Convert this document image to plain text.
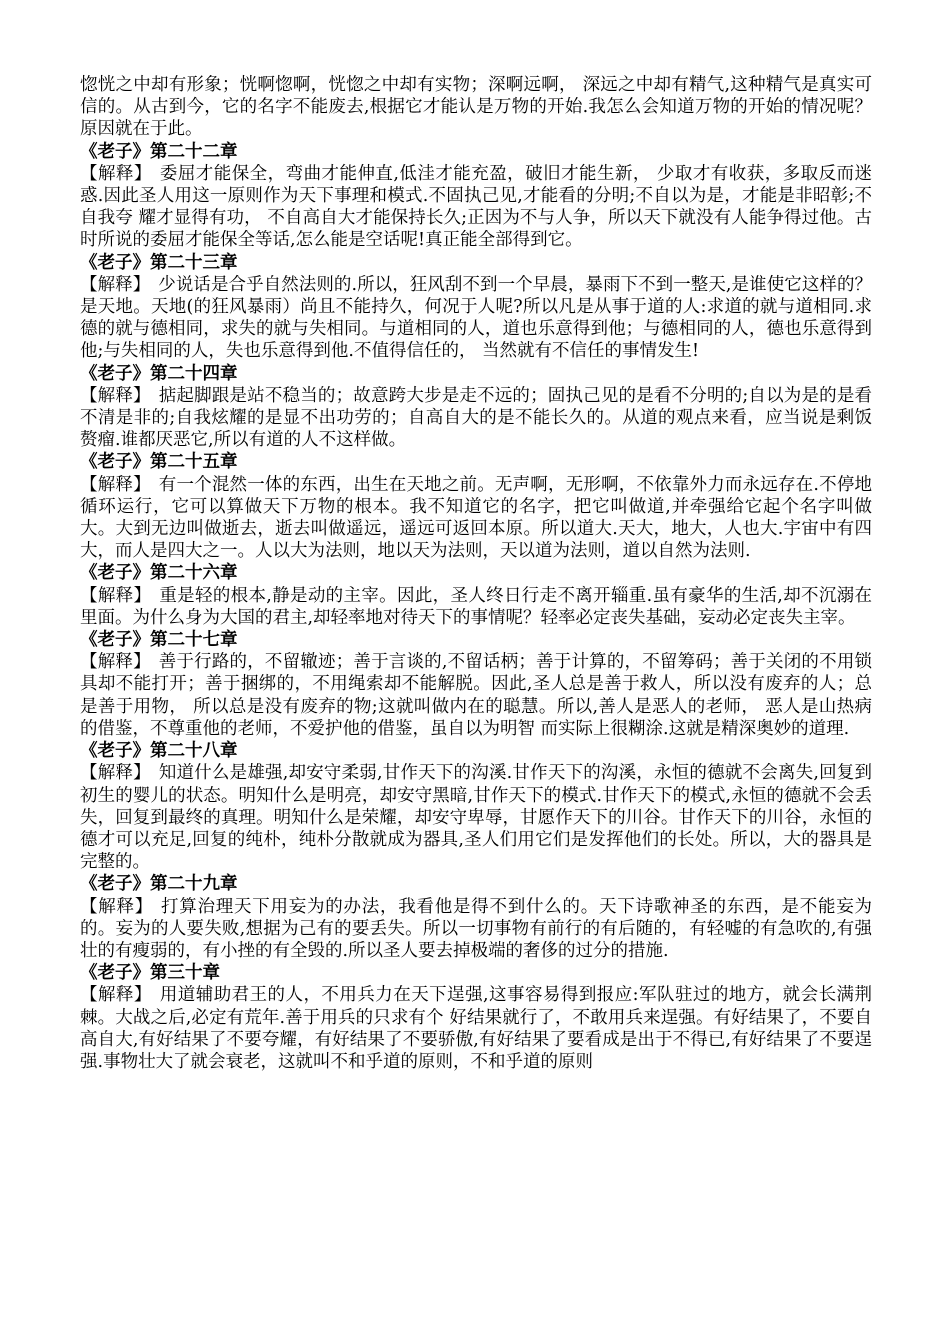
惚恍之中却有形象；恍啊惚啊，恍惚之中却有实物；深啊远啊， 深远之中却有精气,这种精气是真实可信的。从古到今，它的名字不能废去,根据它才能认是万物的开始.我怎么会知道万物的开始的情况呢？原因就在于此。

《老子》第二十二章

【解释】 委屈才能保全，弯曲才能伸直,低洼才能充盈，破旧才能生新， 少取才有收获，多取反而迷惑.因此圣人用这一原则作为天下事理和模式.不固执己见,才能看的分明;不自以为是，才能是非昭彰;不自我夸 耀才显得有功， 不自高自大才能保持长久;正因为不与人争，所以天下就没有人能争得过他。古时所说的委屈才能保全等话,怎么能是空话呢!真正能全部得到它。

《老子》第二十三章

【解释】 少说话是合乎自然法则的.所以，狂风刮不到一个早晨，暴雨下不到一整天,是谁使它这样的？是天地。天地(的狂风暴雨）尚且不能持久，何况于人呢?所以凡是从事于道的人:求道的就与道相同.求德的就与德相同，求失的就与失相同。与道相同的人，道也乐意得到他；与德相同的人，德也乐意得到他;与失相同的人，失也乐意得到他.不值得信任的， 当然就有不信任的事情发生!

《老子》第二十四章

【解释】 掂起脚跟是站不稳当的；故意跨大步是走不远的；固执己见的是看不分明的;自以为是的是看不清是非的;自我炫耀的是显不出功劳的；自高自大的是不能长久的。从道的观点来看，应当说是剩饭赘瘤.谁都厌恶它,所以有道的人不这样做。

《老子》第二十五章

【解释】 有一个混然一体的东西，出生在天地之前。无声啊，无形啊，不依靠外力而永远存在.不停地循环运行，它可以算做天下万物的根本。我不知道它的名字，把它叫做道,并牵强给它起个名字叫做大。大到无边叫做逝去，逝去叫做遥远，遥远可返回本原。所以道大.天大，地大，人也大.宇宙中有四大，而人是四大之一。人以大为法则，地以天为法则，天以道为法则，道以自然为法则.

《老子》第二十六章

【解释】 重是轻的根本,静是动的主宰。因此，圣人终日行走不离开辎重.虽有豪华的生活,却不沉溺在里面。为什么身为大国的君主,却轻率地对待天下的事情呢？轻率必定丧失基础，妄动必定丧失主宰。

《老子》第二十七章

【解释】 善于行路的，不留辙迹；善于言谈的,不留话柄；善于计算的，不留筹码；善于关闭的不用锁具却不能打开；善于捆绑的，不用绳索却不能解脱。因此,圣人总是善于救人，所以没有废弃的人；总是善于用物， 所以总是没有废弃的物;这就叫做内在的聪慧。所以,善人是恶人的老师， 恶人是山热病的借鉴，不尊重他的老师，不爱护他的借鉴，虽自以为明智 而实际上很糊涂.这就是精深奥妙的道理.

《老子》第二十八章

【解释】 知道什么是雄强,却安守柔弱,甘作天下的沟溪.甘作天下的沟溪，永恒的德就不会离失,回复到初生的婴儿的状态。明知什么是明亮，却安守黑暗,甘作天下的模式.甘作天下的模式,永恒的德就不会丢失，回复到最终的真理。明知什么是荣耀，却安守卑辱，甘愿作天下的川谷。甘作天下的川谷，永恒的德才可以充足,回复的纯朴，纯朴分散就成为器具,圣人们用它们是发挥他们的长处。所以，大的器具是完整的。

《老子》第二十九章

【解释】 打算治理天下用妄为的办法，我看他是得不到什么的。天下诗歌神圣的东西，是不能妄为的。妄为的人要失败,想据为己有的要丢失。所以一切事物有前行的有后随的，有轻嘘的有急吹的,有强壮的有瘦弱的，有小挫的有全毁的.所以圣人要去掉极端的奢侈的过分的措施.

《老子》第三十章

【解释】 用道辅助君王的人，不用兵力在天下逞强,这事容易得到报应:军队驻过的地方，就会长满荆棘。大战之后,必定有荒年.善于用兵的只求有个 好结果就行了，不敢用兵来逞强。有好结果了，不要自高自大,有好结果了不要夸耀，有好结果了不要骄傲,有好结果了要看成是出于不得已,有好结果了不要逞强.事物壮大了就会衰老，这就叫不和乎道的原则，不和乎道的原则
